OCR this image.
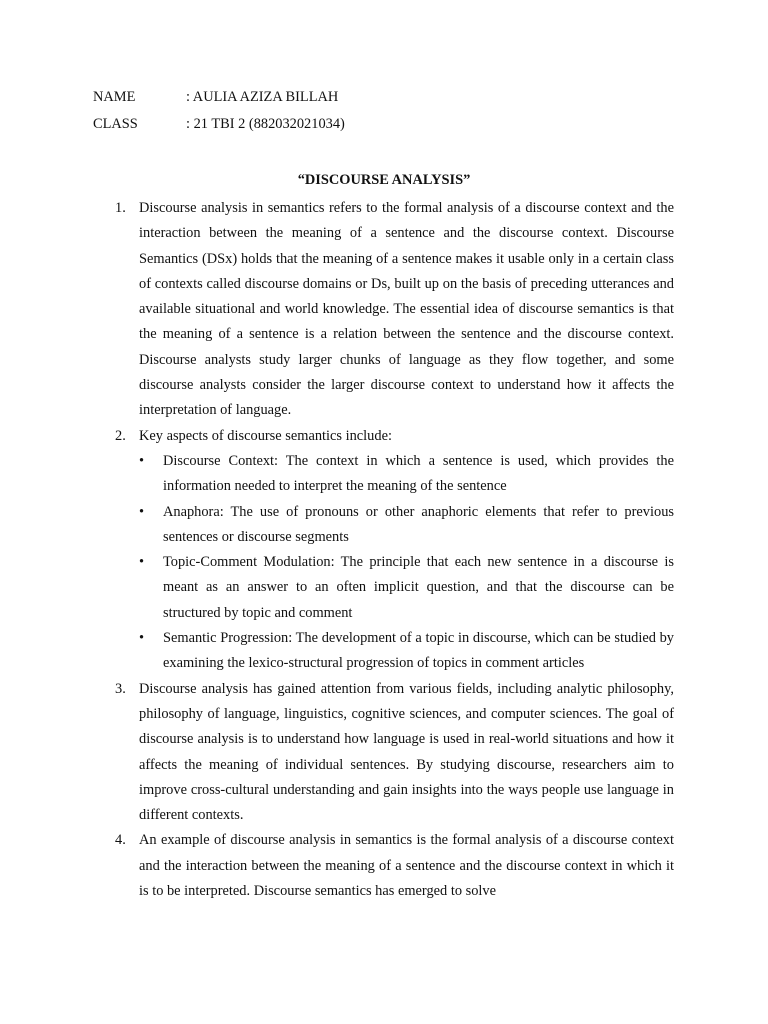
NAME	: AULIA AZIZA BILLAH
CLASS	: 21 TBI 2 (882032021034)
“DISCOURSE ANALYSIS”
1. Discourse analysis in semantics refers to the formal analysis of a discourse context and the interaction between the meaning of a sentence and the discourse context. Discourse Semantics (DSx) holds that the meaning of a sentence makes it usable only in a certain class of contexts called discourse domains or Ds, built up on the basis of preceding utterances and available situational and world knowledge. The essential idea of discourse semantics is that the meaning of a sentence is a relation between the sentence and the discourse context. Discourse analysts study larger chunks of language as they flow together, and some discourse analysts consider the larger discourse context to understand how it affects the interpretation of language.
2. Key aspects of discourse semantics include:
•	Discourse Context: The context in which a sentence is used, which provides the information needed to interpret the meaning of the sentence
•	Anaphora: The use of pronouns or other anaphoric elements that refer to previous sentences or discourse segments
•	Topic-Comment Modulation: The principle that each new sentence in a discourse is meant as an answer to an often implicit question, and that the discourse can be structured by topic and comment
•	Semantic Progression: The development of a topic in discourse, which can be studied by examining the lexico-structural progression of topics in comment articles
3. Discourse analysis has gained attention from various fields, including analytic philosophy, philosophy of language, linguistics, cognitive sciences, and computer sciences. The goal of discourse analysis is to understand how language is used in real-world situations and how it affects the meaning of individual sentences. By studying discourse, researchers aim to improve cross-cultural understanding and gain insights into the ways people use language in different contexts.
4. An example of discourse analysis in semantics is the formal analysis of a discourse context and the interaction between the meaning of a sentence and the discourse context in which it is to be interpreted. Discourse semantics has emerged to solve
